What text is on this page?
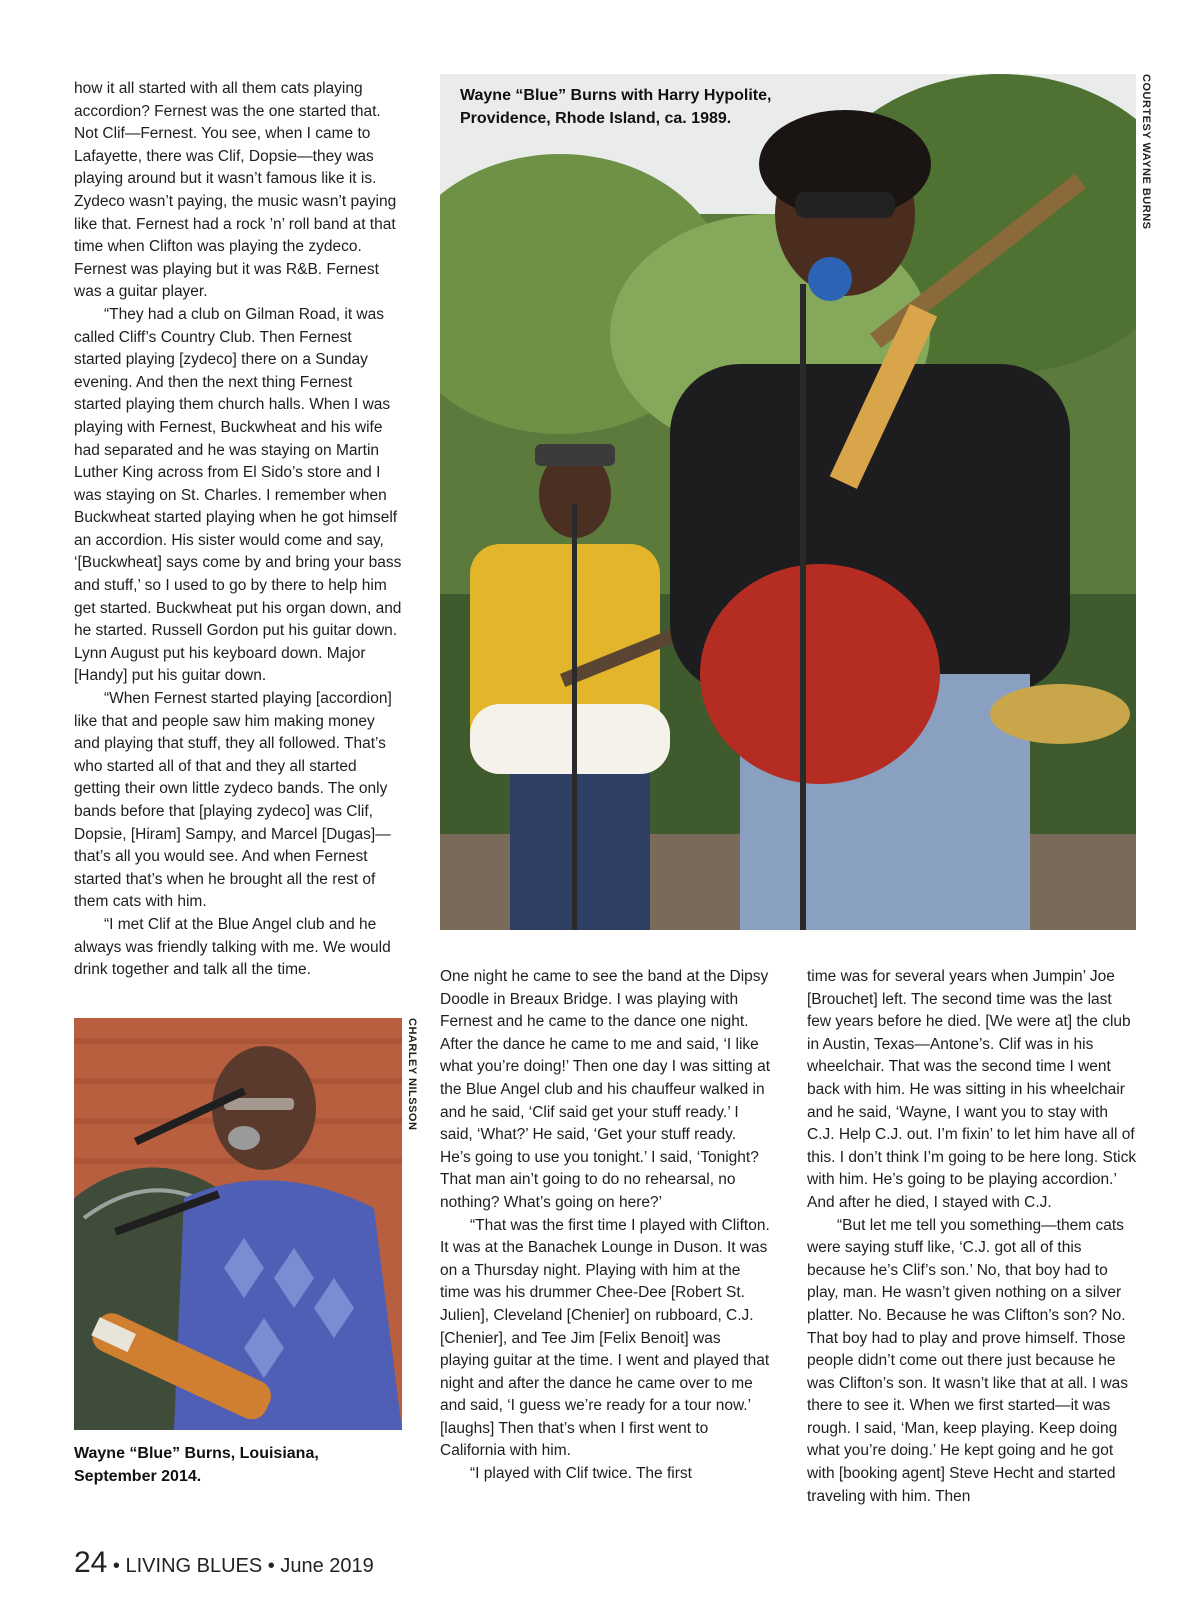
how it all started with all them cats playing accordion? Fernest was the one started that. Not Clif—Fernest. You see, when I came to Lafayette, there was Clif, Dopsie—they was playing around but it wasn’t famous like it is. Zydeco wasn’t paying, the music wasn’t paying like that. Fernest had a rock ’n’ roll band at that time when Clifton was playing the zydeco. Fernest was playing but it was R&B. Fernest was a guitar player.

“They had a club on Gilman Road, it was called Cliff’s Country Club. Then Fernest started playing [zydeco] there on a Sunday evening. And then the next thing Fernest started playing them church halls. When I was playing with Fernest, Buckwheat and his wife had separated and he was staying on Martin Luther King across from El Sido’s store and I was staying on St. Charles. I remember when Buckwheat started playing when he got himself an accordion. His sister would come and say, ‘[Buckwheat] says come by and bring your bass and stuff,’ so I used to go by there to help him get started. Buckwheat put his organ down, and he started. Russell Gordon put his guitar down. Lynn August put his keyboard down. Major [Handy] put his guitar down.

“When Fernest started playing [accordion] like that and people saw him making money and playing that stuff, they all followed. That’s who started all of that and they all started getting their own little zydeco bands. The only bands before that [playing zydeco] was Clif, Dopsie, [Hiram] Sampy, and Marcel [Dugas]—that’s all you would see. And when Fernest started that’s when he brought all the rest of them cats with him.

“I met Clif at the Blue Angel club and he always was friendly talking with me. We would drink together and talk all the time.

Wayne “Blue” Burns with Harry Hypolite, Providence, Rhode Island, ca. 1989.	COURTESY WAYNE BURNS
CHARLEY NILSSON
Wayne “Blue” Burns, Louisiana, September 2014.

One night he came to see the band at the Dipsy Doodle in Breaux Bridge. I was playing with Fernest and he came to the dance one night. After the dance he came to me and said, ‘I like what you’re doing!’ Then one day I was sitting at the Blue Angel club and his chauffeur walked in and he said, ‘Clif said get your stuff ready.’ I said, ‘What?’ He said, ‘Get your stuff ready. He’s going to use you tonight.’ I said, ‘Tonight? That man ain’t going to do no rehearsal, no nothing? What’s going on here?’

“That was the first time I played with Clifton. It was at the Banachek Lounge in Duson. It was on a Thursday night. Playing with him at the time was his drummer Chee-Dee [Robert St. Julien], Cleveland [Chenier] on rubboard, C.J. [Chenier], and Tee Jim [Felix Benoit] was playing guitar at the time. I went and played that night and after the dance he came over to me and said, ‘I guess we’re ready for a tour now.’ [laughs] Then that’s when I first went to California with him.

“I played with Clif twice. The first

time was for several years when Jumpin’ Joe [Brouchet] left. The second time was the last few years before he died. [We were at] the club in Austin, Texas—Antone’s. Clif was in his wheelchair. That was the second time I went back with him. He was sitting in his wheelchair and he said, ‘Wayne, I want you to stay with C.J. Help C.J. out. I’m fixin’ to let him have all of this. I don’t think I’m going to be here long. Stick with him. He’s going to be playing accordion.’ And after he died, I stayed with C.J.

“But let me tell you something—them cats were saying stuff like, ‘C.J. got all of this because he’s Clif’s son.’ No, that boy had to play, man. He wasn’t given nothing on a silver platter. No. Because he was Clifton’s son? No. That boy had to play and prove himself. Those people didn’t come out there just because he was Clifton’s son. It wasn’t like that at all. I was there to see it. When we first started—it was rough. I said, ‘Man, keep playing. Keep doing what you’re doing.’ He kept going and he got with [booking agent] Steve Hecht and started traveling with him. Then

24 • LIVING BLUES • June 2019
